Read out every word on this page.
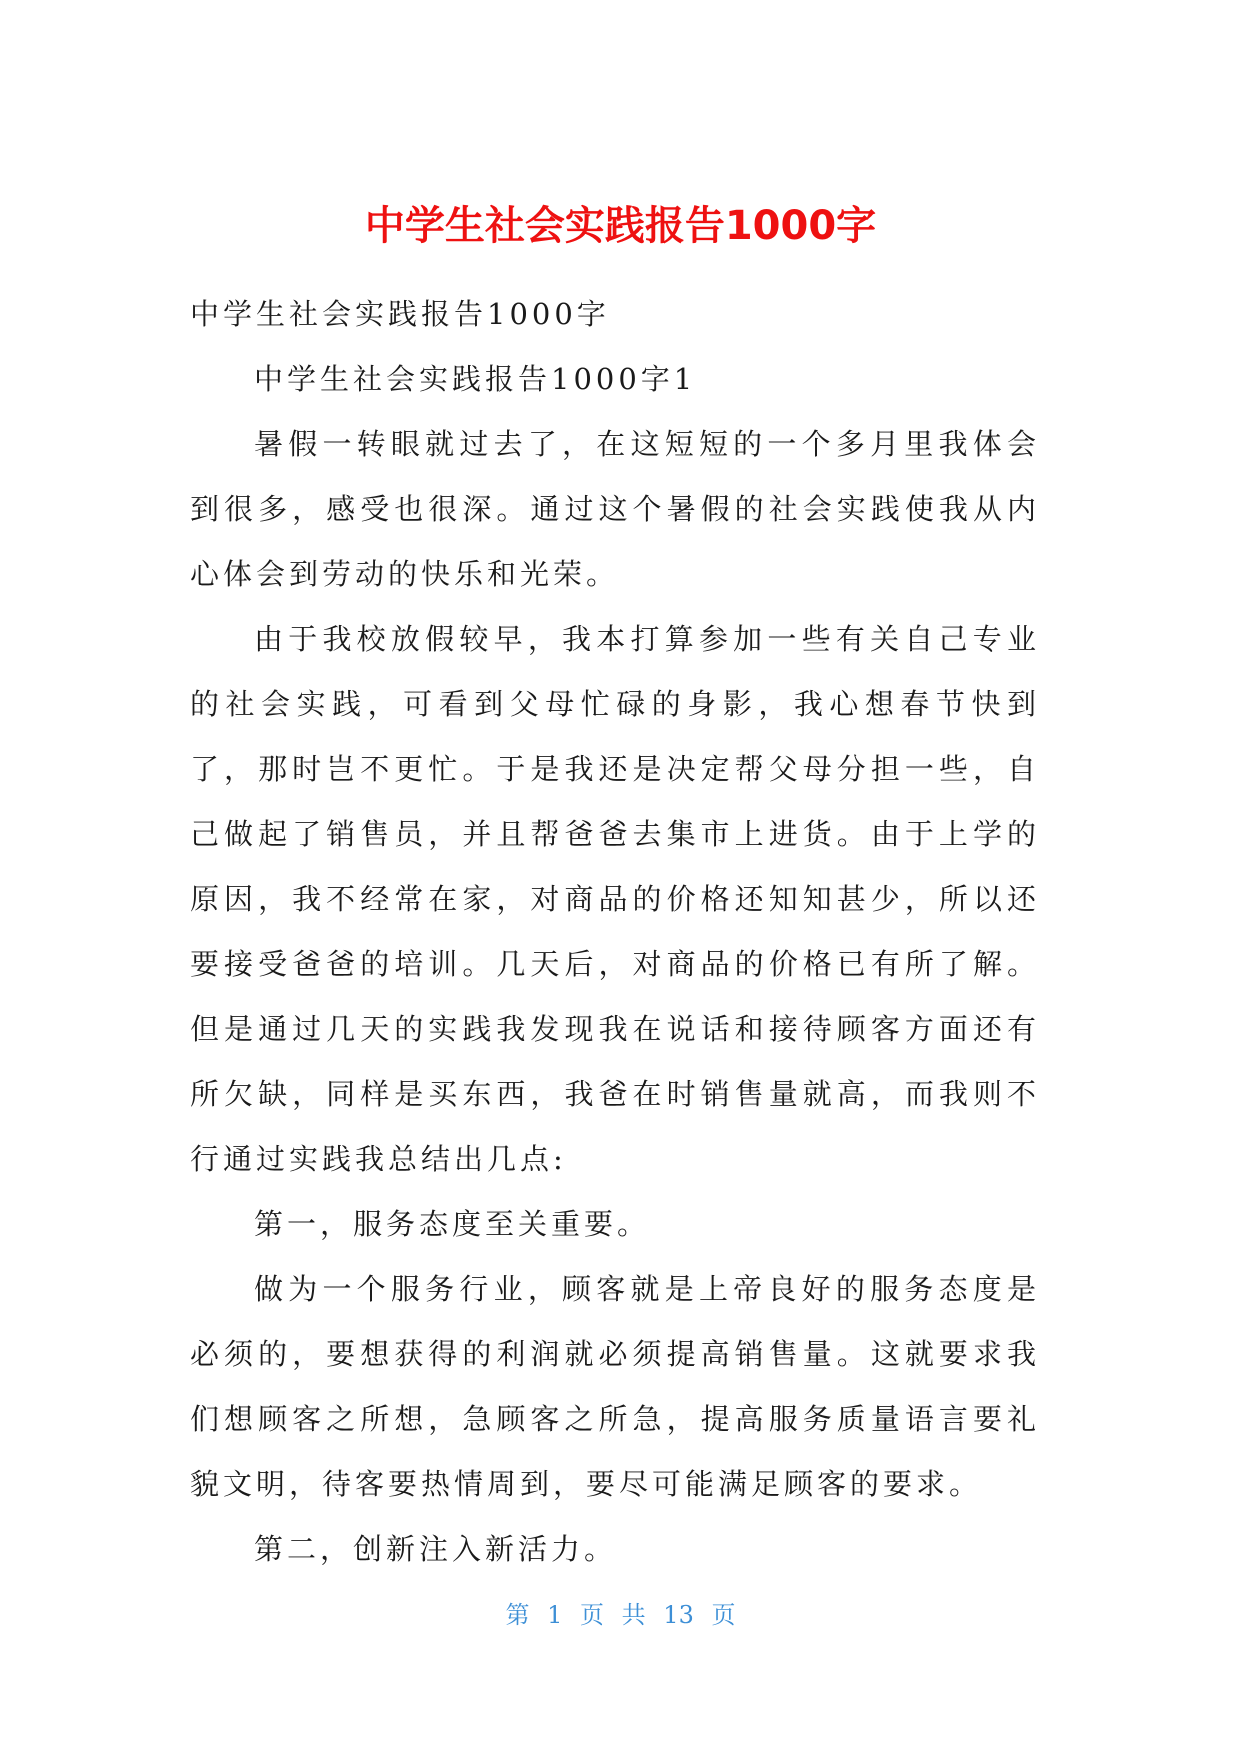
中学生社会实践报告1000字

中学生社会实践报告1000字

中学生社会实践报告1000字1

暑假一转眼就过去了，在这短短的一个多月里我体会到很多，感受也很深。通过这个暑假的社会实践使我从内心体会到劳动的快乐和光荣。

由于我校放假较早，我本打算参加一些有关自己专业的社会实践，可看到父母忙碌的身影，我心想春节快到了，那时岂不更忙。于是我还是决定帮父母分担一些，自己做起了销售员，并且帮爸爸去集市上进货。由于上学的原因，我不经常在家，对商品的价格还知知甚少，所以还要接受爸爸的培训。几天后，对商品的价格已有所了解。但是通过几天的实践我发现我在说话和接待顾客方面还有所欠缺，同样是买东西，我爸在时销售量就高，而我则不行通过实践我总结出几点:

第一，服务态度至关重要。

做为一个服务行业，顾客就是上帝良好的服务态度是必须的，要想获得的利润就必须提高销售量。这就要求我们想顾客之所想，急顾客之所急，提高服务质量语言要礼貌文明，待客要热情周到，要尽可能满足顾客的要求。

第二，创新注入新活力。

第 1 页 共 13 页
